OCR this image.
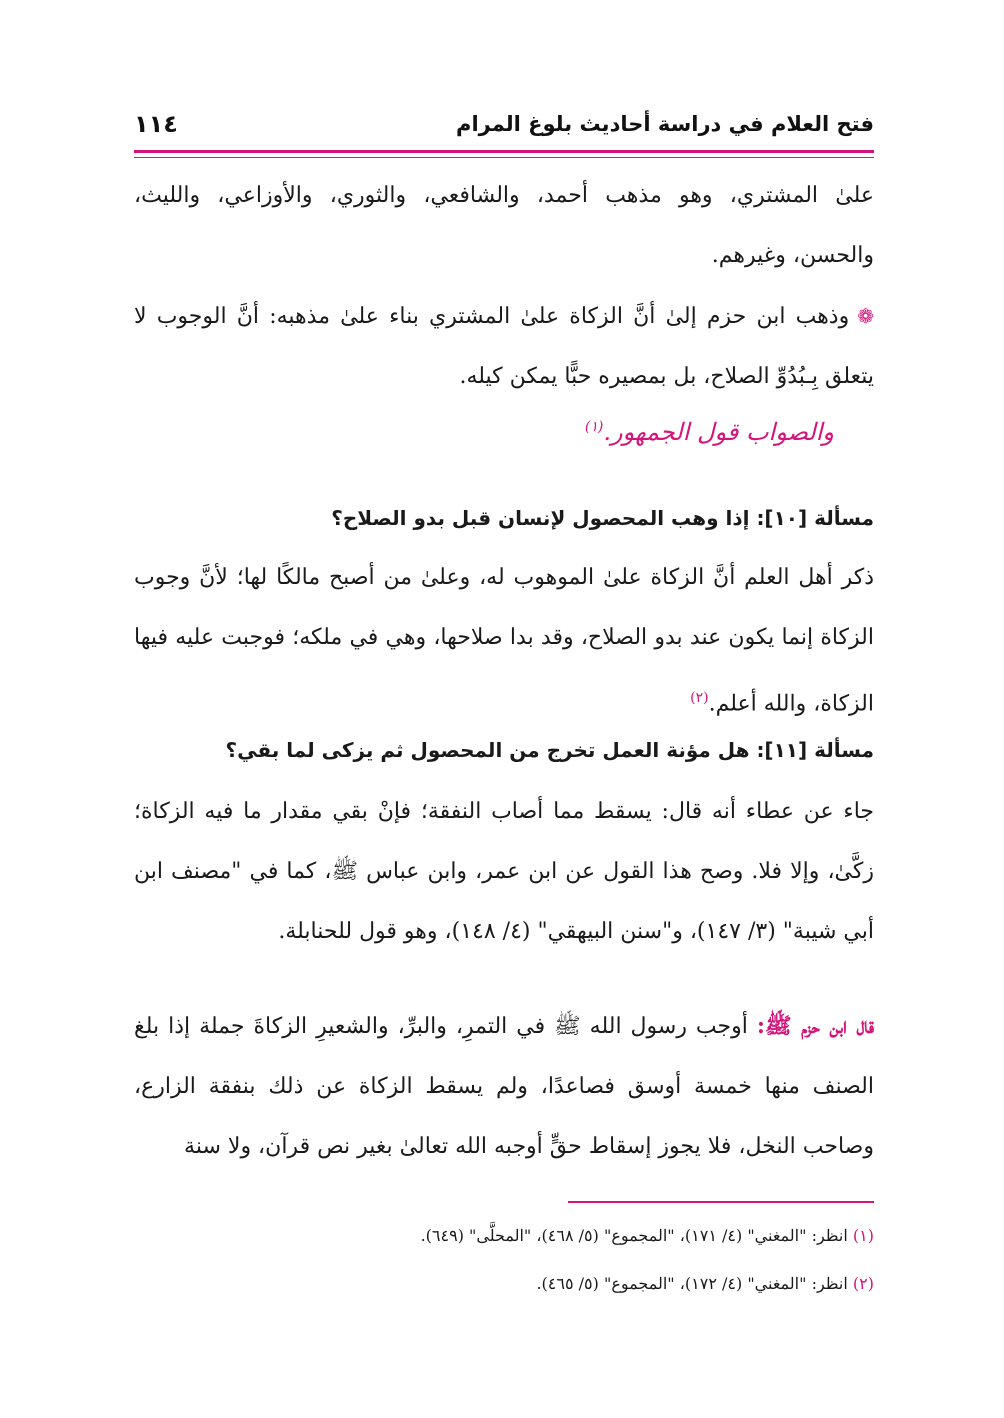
فتح العلام في دراسة أحاديث بلوغ المرام
١١٤
علىٰ المشتري، وهو مذهب أحمد، والشافعي، والثوري، والأوزاعي، والليث، والحسن، وغيرهم.
❁وذهب ابن حزم إلىٰ أنَّ الزكاة علىٰ المشتري بناء علىٰ مذهبه: أنَّ الوجوب لا يتعلق بِـبُدُوِّ الصلاح، بل بمصيره حبًّا يمكن كيله.
والصواب قول الجمهور.$^{(١)}$
مسألة [١٠]: إذا وهب المحصول لإنسان قبل بدو الصلاح؟
ذكر أهل العلم أنَّ الزكاة علىٰ الموهوب له، وعلىٰ من أصبح مالكًا لها؛ لأنَّ وجوب الزكاة إنما يكون عند بدو الصلاح، وقد بدا صلاحها، وهي في ملكه؛ فوجبت عليه فيها الزكاة، والله أعلم.$^{(٢)}$
مسألة [١١]: هل مؤنة العمل تخرج من المحصول ثم يزكى لما بقي؟
جاء عن عطاء أنه قال: يسقط مما أصاب النفقة؛ فإنْ بقي مقدار ما فيه الزكاة؛ زكَّىٰ، وإلا فلا. وصح هذا القول عن ابن عمر، وابن عباس ﷺ، كما في "مصنف ابن أبي شيبة" (٣/ ١٤٧)، و"سنن البيهقي" (٤/ ١٤٨)، وهو قول للحنابلة.
قال ابن حزم ﷺ: أوجب رسول الله ﷺ في التمرِ، والبرِّ، والشعيرِ الزكاةَ جملة إذا بلغ الصنف منها خمسة أوسق فصاعدًا، ولم يسقط الزكاة عن ذلك بنفقة الزارع، وصاحب النخل، فلا يجوز إسقاط حقٍّ أوجبه الله تعالىٰ بغير نص قرآن، ولا سنة
(١) انظر: "المغني" (٤/ ١٧١)، "المجموع" (٥/ ٤٦٨)، "المحلَّى" (٦٤٩).
(٢) انظر: "المغني" (٤/ ١٧٢)، "المجموع" (٥/ ٤٦٥).
